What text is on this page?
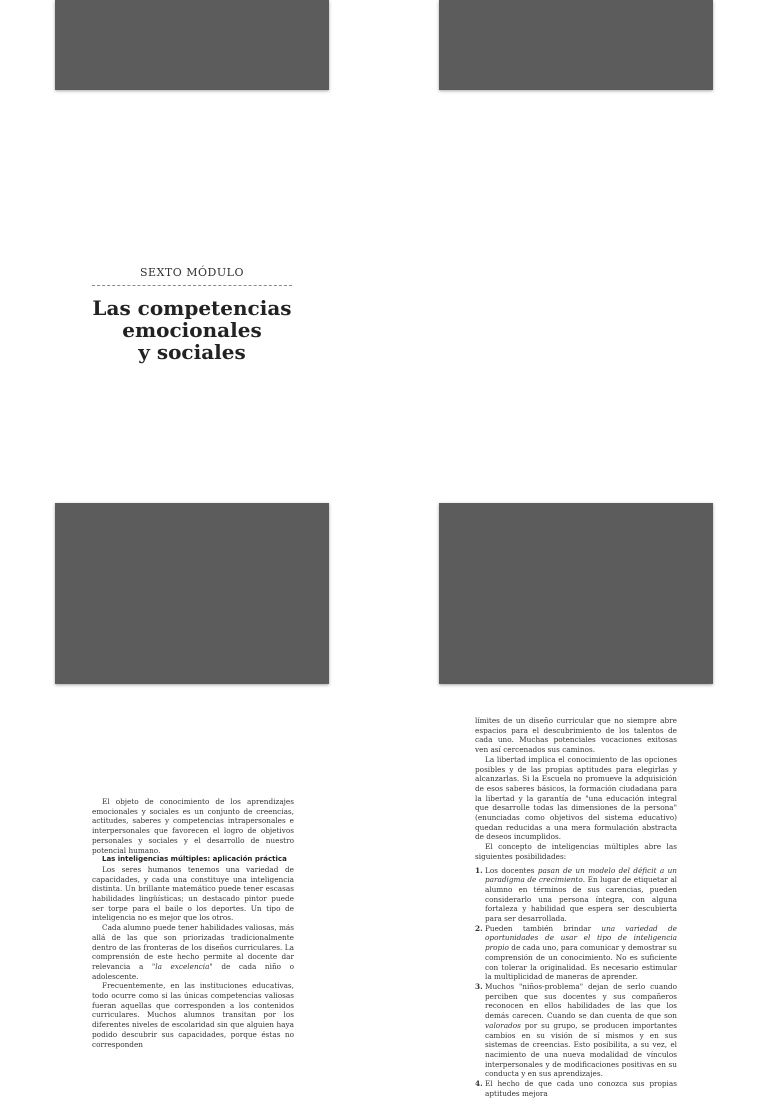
SEXTO MÓDULO
Las competencias
emocionales
y sociales

El objeto de conocimiento de los aprendizajes emocionales y sociales es un conjunto de creencias, actitudes, saberes y competencias intrapersonales e interpersonales que favorecen el logro de objetivos personales y sociales y el desarrollo de nuestro potencial humano.

Las inteligencias múltiples: aplicación práctica

Los seres humanos tenemos una variedad de capacidades, y cada una constituye una inteligencia distinta. Un brillante matemático puede tener escasas habilidades lingüísticas; un destacado pintor puede ser torpe para el baile o los deportes. Un tipo de inteligencia no es mejor que los otros.

Cada alumno puede tener habilidades valiosas, más allá de las que son priorizadas tradicionalmente dentro de las fronteras de los diseños curriculares. La comprensión de este hecho permite al docente dar relevancia a "la excelencia" de cada niño o adolescente.

Frecuentemente, en las instituciones educativas, todo ocurre como si las únicas competencias valiosas fueran aquellas que corresponden a los contenidos curriculares. Muchos alumnos transitan por los diferentes niveles de escolaridad sin que alguien haya podido descubrir sus capacidades, porque éstas no corresponden

límites de un diseño curricular que no siempre abre espacios para el descubrimiento de los talentos de cada uno. Muchas potenciales vocaciones exitosas ven así cercenados sus caminos.

La libertad implica el conocimiento de las opciones posibles y de las propias aptitudes para elegirlas y alcanzarlas. Si la Escuela no promueve la adquisición de esos saberes básicos, la formación ciudadana para la libertad y la garantía de "una educación integral que desarrolle todas las dimensiones de la persona" (enunciadas como objetivos del sistema educativo) quedan reducidas a una mera formulación abstracta de deseos incumplidos.

El concepto de inteligencias múltiples abre las siguientes posibilidades:

1. Los docentes pasan de un modelo del déficit a un paradigma de crecimiento. En lugar de etiquetar al alumno en términos de sus carencias, pueden considerarlo una persona íntegra, con alguna fortaleza y habilidad que espera ser descubierta para ser desarrollada.
2. Pueden también brindar una variedad de oportunidades de usar el tipo de inteligencia propio de cada uno, para comunicar y demostrar su comprensión de un conocimiento. No es suficiente con tolerar la originalidad. Es necesario estimular la multiplicidad de maneras de aprender.
3. Muchos "niños-problema" dejan de serlo cuando perciben que sus docentes y sus compañeros reconocen en ellos habilidades de las que los demás carecen. Cuando se dan cuenta de que son valorados por su grupo, se producen importantes cambios en su visión de sí mismos y en sus sistemas de creencias. Esto posibilita, a su vez, el nacimiento de una nueva modalidad de vínculos interpersonales y de modificaciones positivas en su conducta y en sus aprendizajes.
4. El hecho de que cada uno conozca sus propias aptitudes mejora
